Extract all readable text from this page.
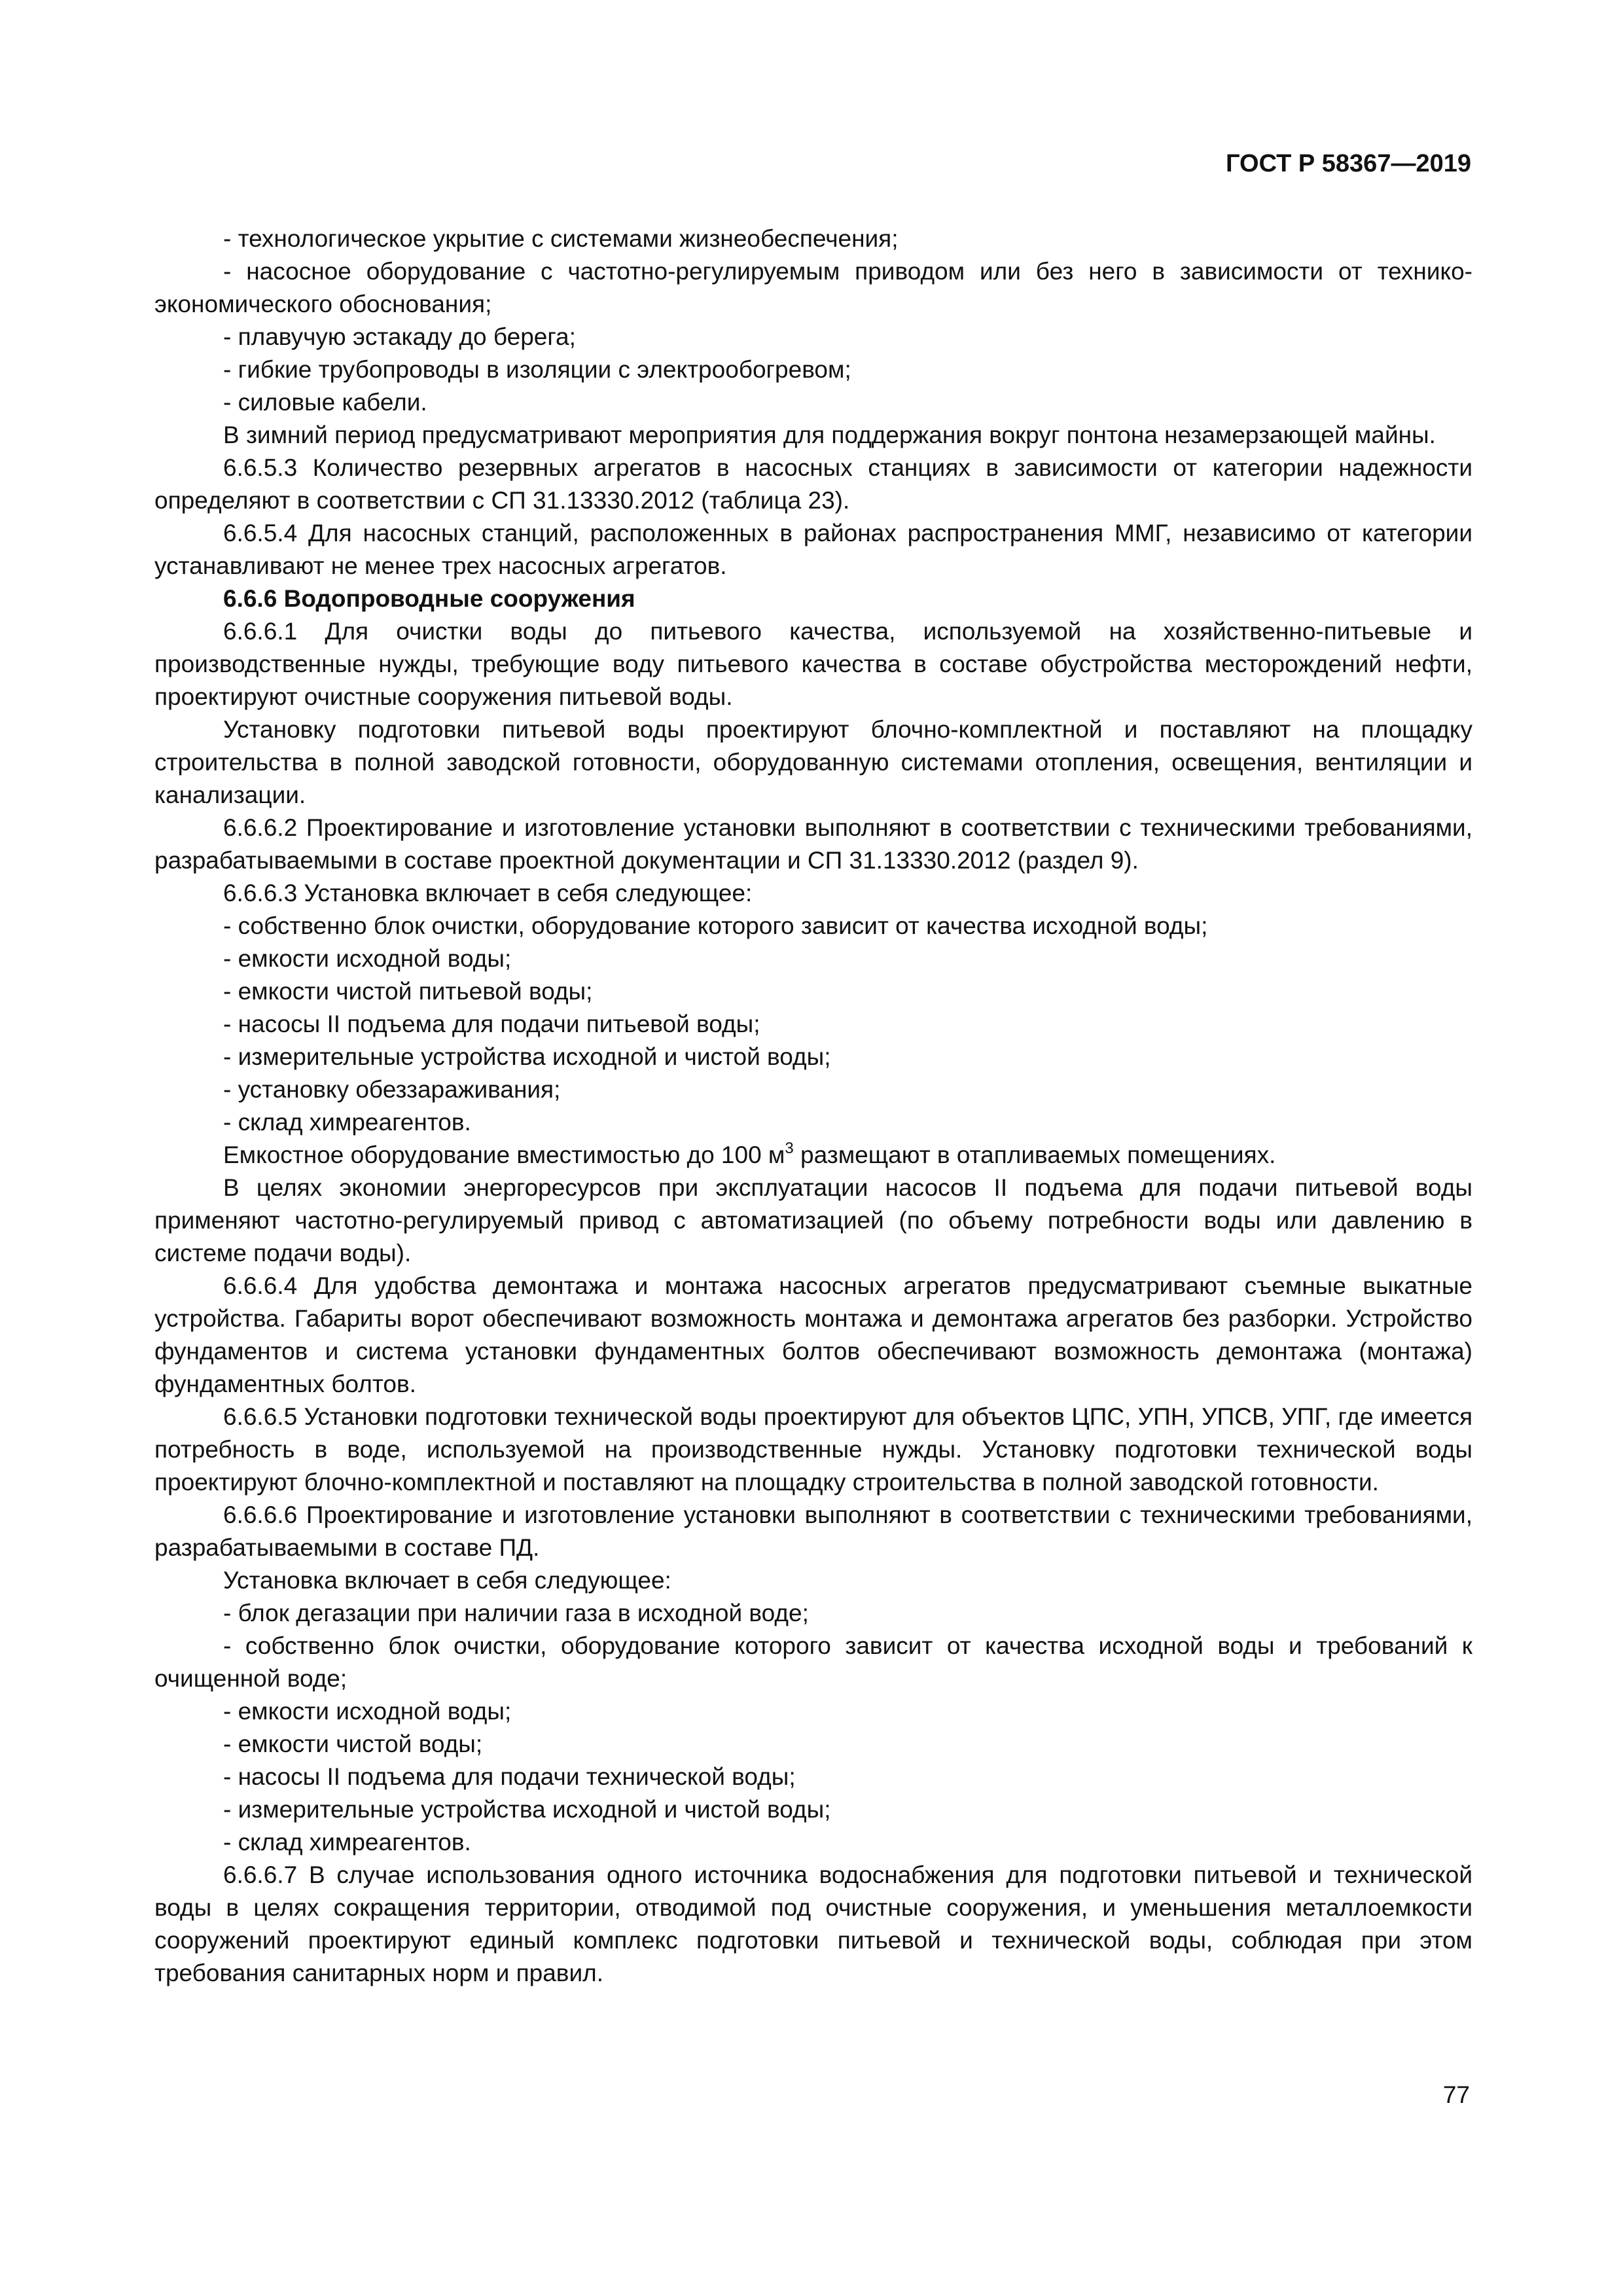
ГОСТ Р 58367—2019

- технологическое укрытие с системами жизнеобеспечения;

- насосное оборудование с частотно-регулируемым приводом или без него в зависимости от технико-экономического обоснования;

- плавучую эстакаду до берега;

- гибкие трубопроводы в изоляции с электрообогревом;

- силовые кабели.

В зимний период предусматривают мероприятия для поддержания вокруг понтона незамерзающей майны.

6.6.5.3 Количество резервных агрегатов в насосных станциях в зависимости от категории надежности определяют в соответствии с СП 31.13330.2012 (таблица 23).

6.6.5.4 Для насосных станций, расположенных в районах распространения ММГ, независимо от категории устанавливают не менее трех насосных агрегатов.

6.6.6 Водопроводные сооружения

6.6.6.1 Для очистки воды до питьевого качества, используемой на хозяйственно-питьевые и производственные нужды, требующие воду питьевого качества в составе обустройства месторождений нефти, проектируют очистные сооружения питьевой воды.

Установку подготовки питьевой воды проектируют блочно-комплектной и поставляют на площадку строительства в полной заводской готовности, оборудованную системами отопления, освещения, вентиляции и канализации.

6.6.6.2 Проектирование и изготовление установки выполняют в соответствии с техническими требованиями, разрабатываемыми в составе проектной документации и СП 31.13330.2012 (раздел 9).

6.6.6.3 Установка включает в себя следующее:

- собственно блок очистки, оборудование которого зависит от качества исходной воды;

- емкости исходной воды;

- емкости чистой питьевой воды;

- насосы II подъема для подачи питьевой воды;

- измерительные устройства исходной и чистой воды;

- установку обеззараживания;

- склад химреагентов.

Емкостное оборудование вместимостью до 100 $м^3$ размещают в отапливаемых помещениях.

В целях экономии энергоресурсов при эксплуатации насосов II подъема для подачи питьевой воды применяют частотно-регулируемый привод с автоматизацией (по объему потребности воды или давлению в системе подачи воды).

6.6.6.4 Для удобства демонтажа и монтажа насосных агрегатов предусматривают съемные выкатные устройства. Габариты ворот обеспечивают возможность монтажа и демонтажа агрегатов без разборки. Устройство фундаментов и система установки фундаментных болтов обеспечивают возможность демонтажа (монтажа) фундаментных болтов.

6.6.6.5 Установки подготовки технической воды проектируют для объектов ЦПС, УПН, УПСВ, УПГ, где имеется потребность в воде, используемой на производственные нужды. Установку подготовки технической воды проектируют блочно-комплектной и поставляют на площадку строительства в полной заводской готовности.

6.6.6.6 Проектирование и изготовление установки выполняют в соответствии с техническими требованиями, разрабатываемыми в составе ПД.

Установка включает в себя следующее:

- блок дегазации при наличии газа в исходной воде;

- собственно блок очистки, оборудование которого зависит от качества исходной воды и требований к очищенной воде;

- емкости исходной воды;

- емкости чистой воды;

- насосы II подъема для подачи технической воды;

- измерительные устройства исходной и чистой воды;

- склад химреагентов.

6.6.6.7 В случае использования одного источника водоснабжения для подготовки питьевой и технической воды в целях сокращения территории, отводимой под очистные сооружения, и уменьшения металлоемкости сооружений проектируют единый комплекс подготовки питьевой и технической воды, соблюдая при этом требования санитарных норм и правил.

77
